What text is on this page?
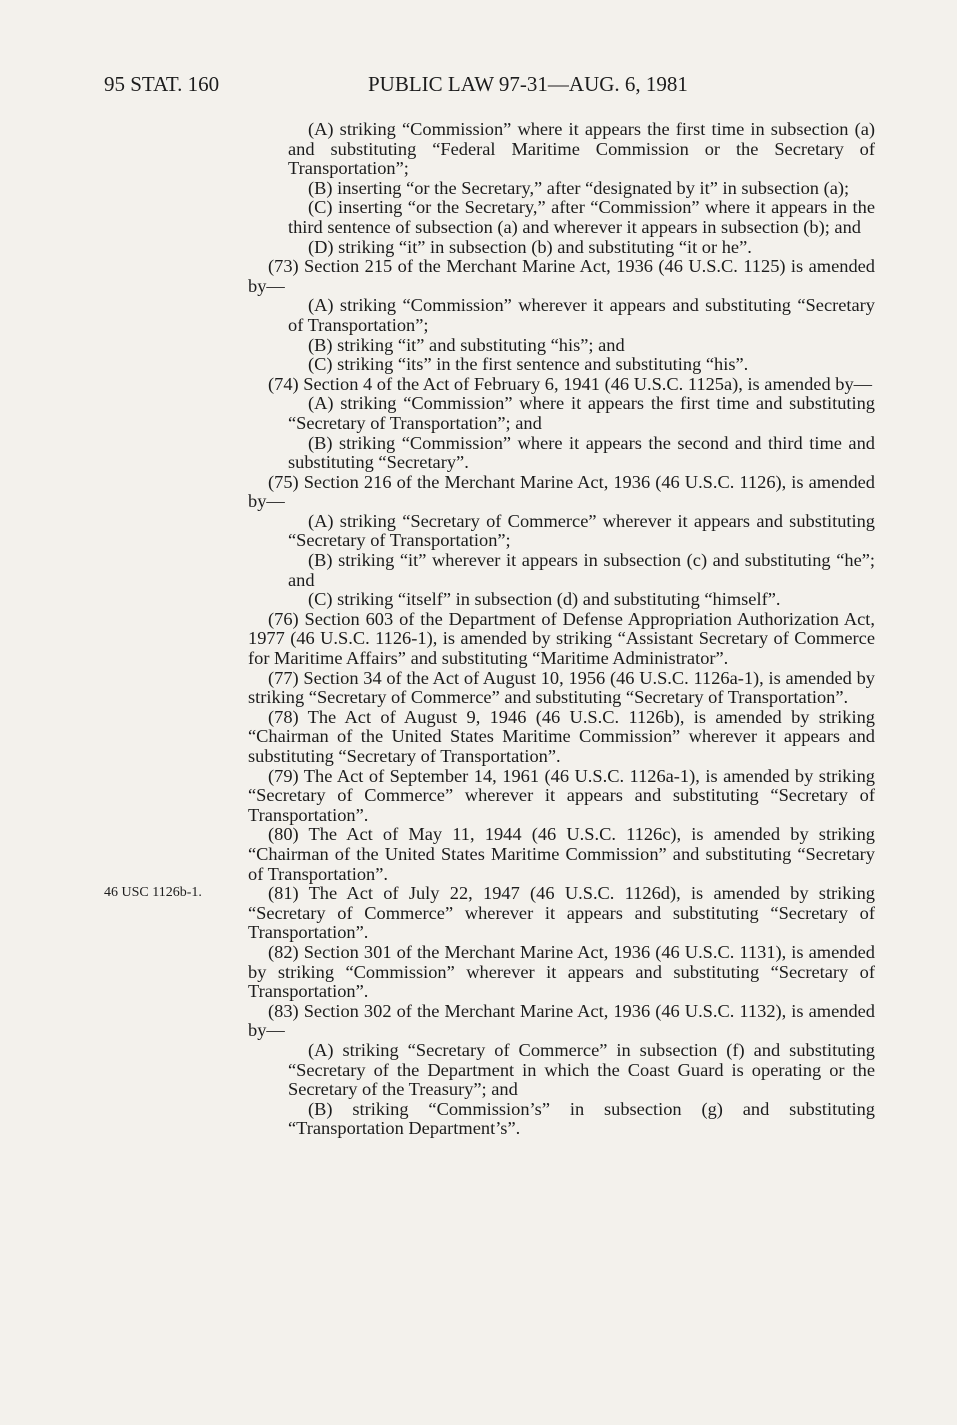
95 STAT. 160	PUBLIC LAW 97-31—AUG. 6, 1981
46 USC 1126b-1.

(A) striking “Commission” where it appears the first time in subsection (a) and substituting “Federal Maritime Commission or the Secretary of Transportation”;

(B) inserting “or the Secretary,” after “designated by it” in subsection (a);

(C) inserting “or the Secretary,” after “Commission” where it appears in the third sentence of subsection (a) and wherever it appears in subsection (b); and

(D) striking “it” in subsection (b) and substituting “it or he”.

(73) Section 215 of the Merchant Marine Act, 1936 (46 U.S.C. 1125) is amended by—

(A) striking “Commission” wherever it appears and substituting “Secretary of Transportation”;

(B) striking “it” and substituting “his”; and

(C) striking “its” in the first sentence and substituting “his”.

(74) Section 4 of the Act of February 6, 1941 (46 U.S.C. 1125a), is amended by—

(A) striking “Commission” where it appears the first time and substituting “Secretary of Transportation”; and

(B) striking “Commission” where it appears the second and third time and substituting “Secretary”.

(75) Section 216 of the Merchant Marine Act, 1936 (46 U.S.C. 1126), is amended by—

(A) striking “Secretary of Commerce” wherever it appears and substituting “Secretary of Transportation”;

(B) striking “it” wherever it appears in subsection (c) and substituting “he”; and

(C) striking “itself” in subsection (d) and substituting “himself”.

(76) Section 603 of the Department of Defense Appropriation Authorization Act, 1977 (46 U.S.C. 1126-1), is amended by striking “Assistant Secretary of Commerce for Maritime Affairs” and substituting “Maritime Administrator”.

(77) Section 34 of the Act of August 10, 1956 (46 U.S.C. 1126a-1), is amended by striking “Secretary of Commerce” and substituting “Secretary of Transportation”.

(78) The Act of August 9, 1946 (46 U.S.C. 1126b), is amended by striking “Chairman of the United States Maritime Commission” wherever it appears and substituting “Secretary of Transportation”.

(79) The Act of September 14, 1961 (46 U.S.C. 1126a-1), is amended by striking “Secretary of Commerce” wherever it appears and substituting “Secretary of Transportation”.

(80) The Act of May 11, 1944 (46 U.S.C. 1126c), is amended by striking “Chairman of the United States Maritime Commission” and substituting “Secretary of Transportation”.

(81) The Act of July 22, 1947 (46 U.S.C. 1126d), is amended by striking “Secretary of Commerce” wherever it appears and substituting “Secretary of Transportation”.

(82) Section 301 of the Merchant Marine Act, 1936 (46 U.S.C. 1131), is amended by striking “Commission” wherever it appears and substituting “Secretary of Transportation”.

(83) Section 302 of the Merchant Marine Act, 1936 (46 U.S.C. 1132), is amended by—

(A) striking “Secretary of Commerce” in subsection (f) and substituting “Secretary of the Department in which the Coast Guard is operating or the Secretary of the Treasury”; and

(B) striking “Commission’s” in subsection (g) and substituting “Transportation Department’s”.
